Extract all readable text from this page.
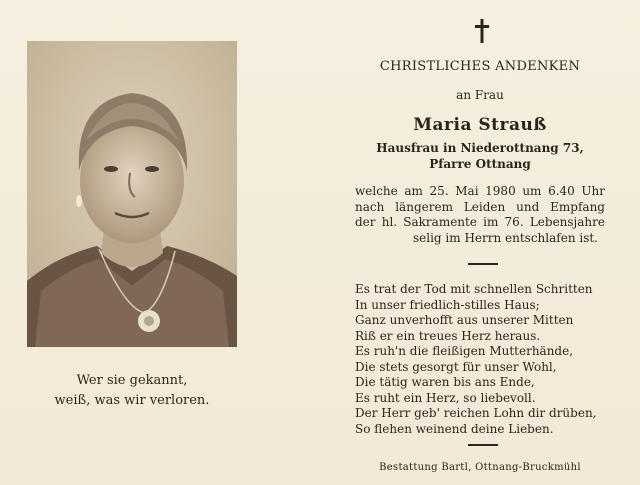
Wer sie gekannt,
weiß, was wir verloren.
CHRISTLICHES ANDENKEN
an Frau
Maria Strauß
Hausfrau in Niederottnang 73,
Pfarre Ottnang
welche am 25. Mai 1980 um 6.40 Uhr
nach längerem Leiden und Empfang
der hl. Sakramente im 76. Lebensjahre
selig im Herrn entschlafen ist.
Es trat der Tod mit schnellen Schritten
In unser friedlich-stilles Haus;
Ganz unverhofft aus unserer Mitten
Riß er ein treues Herz heraus.
Es ruh'n die fleißigen Mutterhände,
Die stets gesorgt für unser Wohl,
Die tätig waren bis ans Ende,
Es ruht ein Herz, so liebevoll.
Der Herr geb' reichen Lohn dir drüben,
So flehen weinend deine Lieben.
Bestattung Bartl, Ottnang-Bruckmühl
